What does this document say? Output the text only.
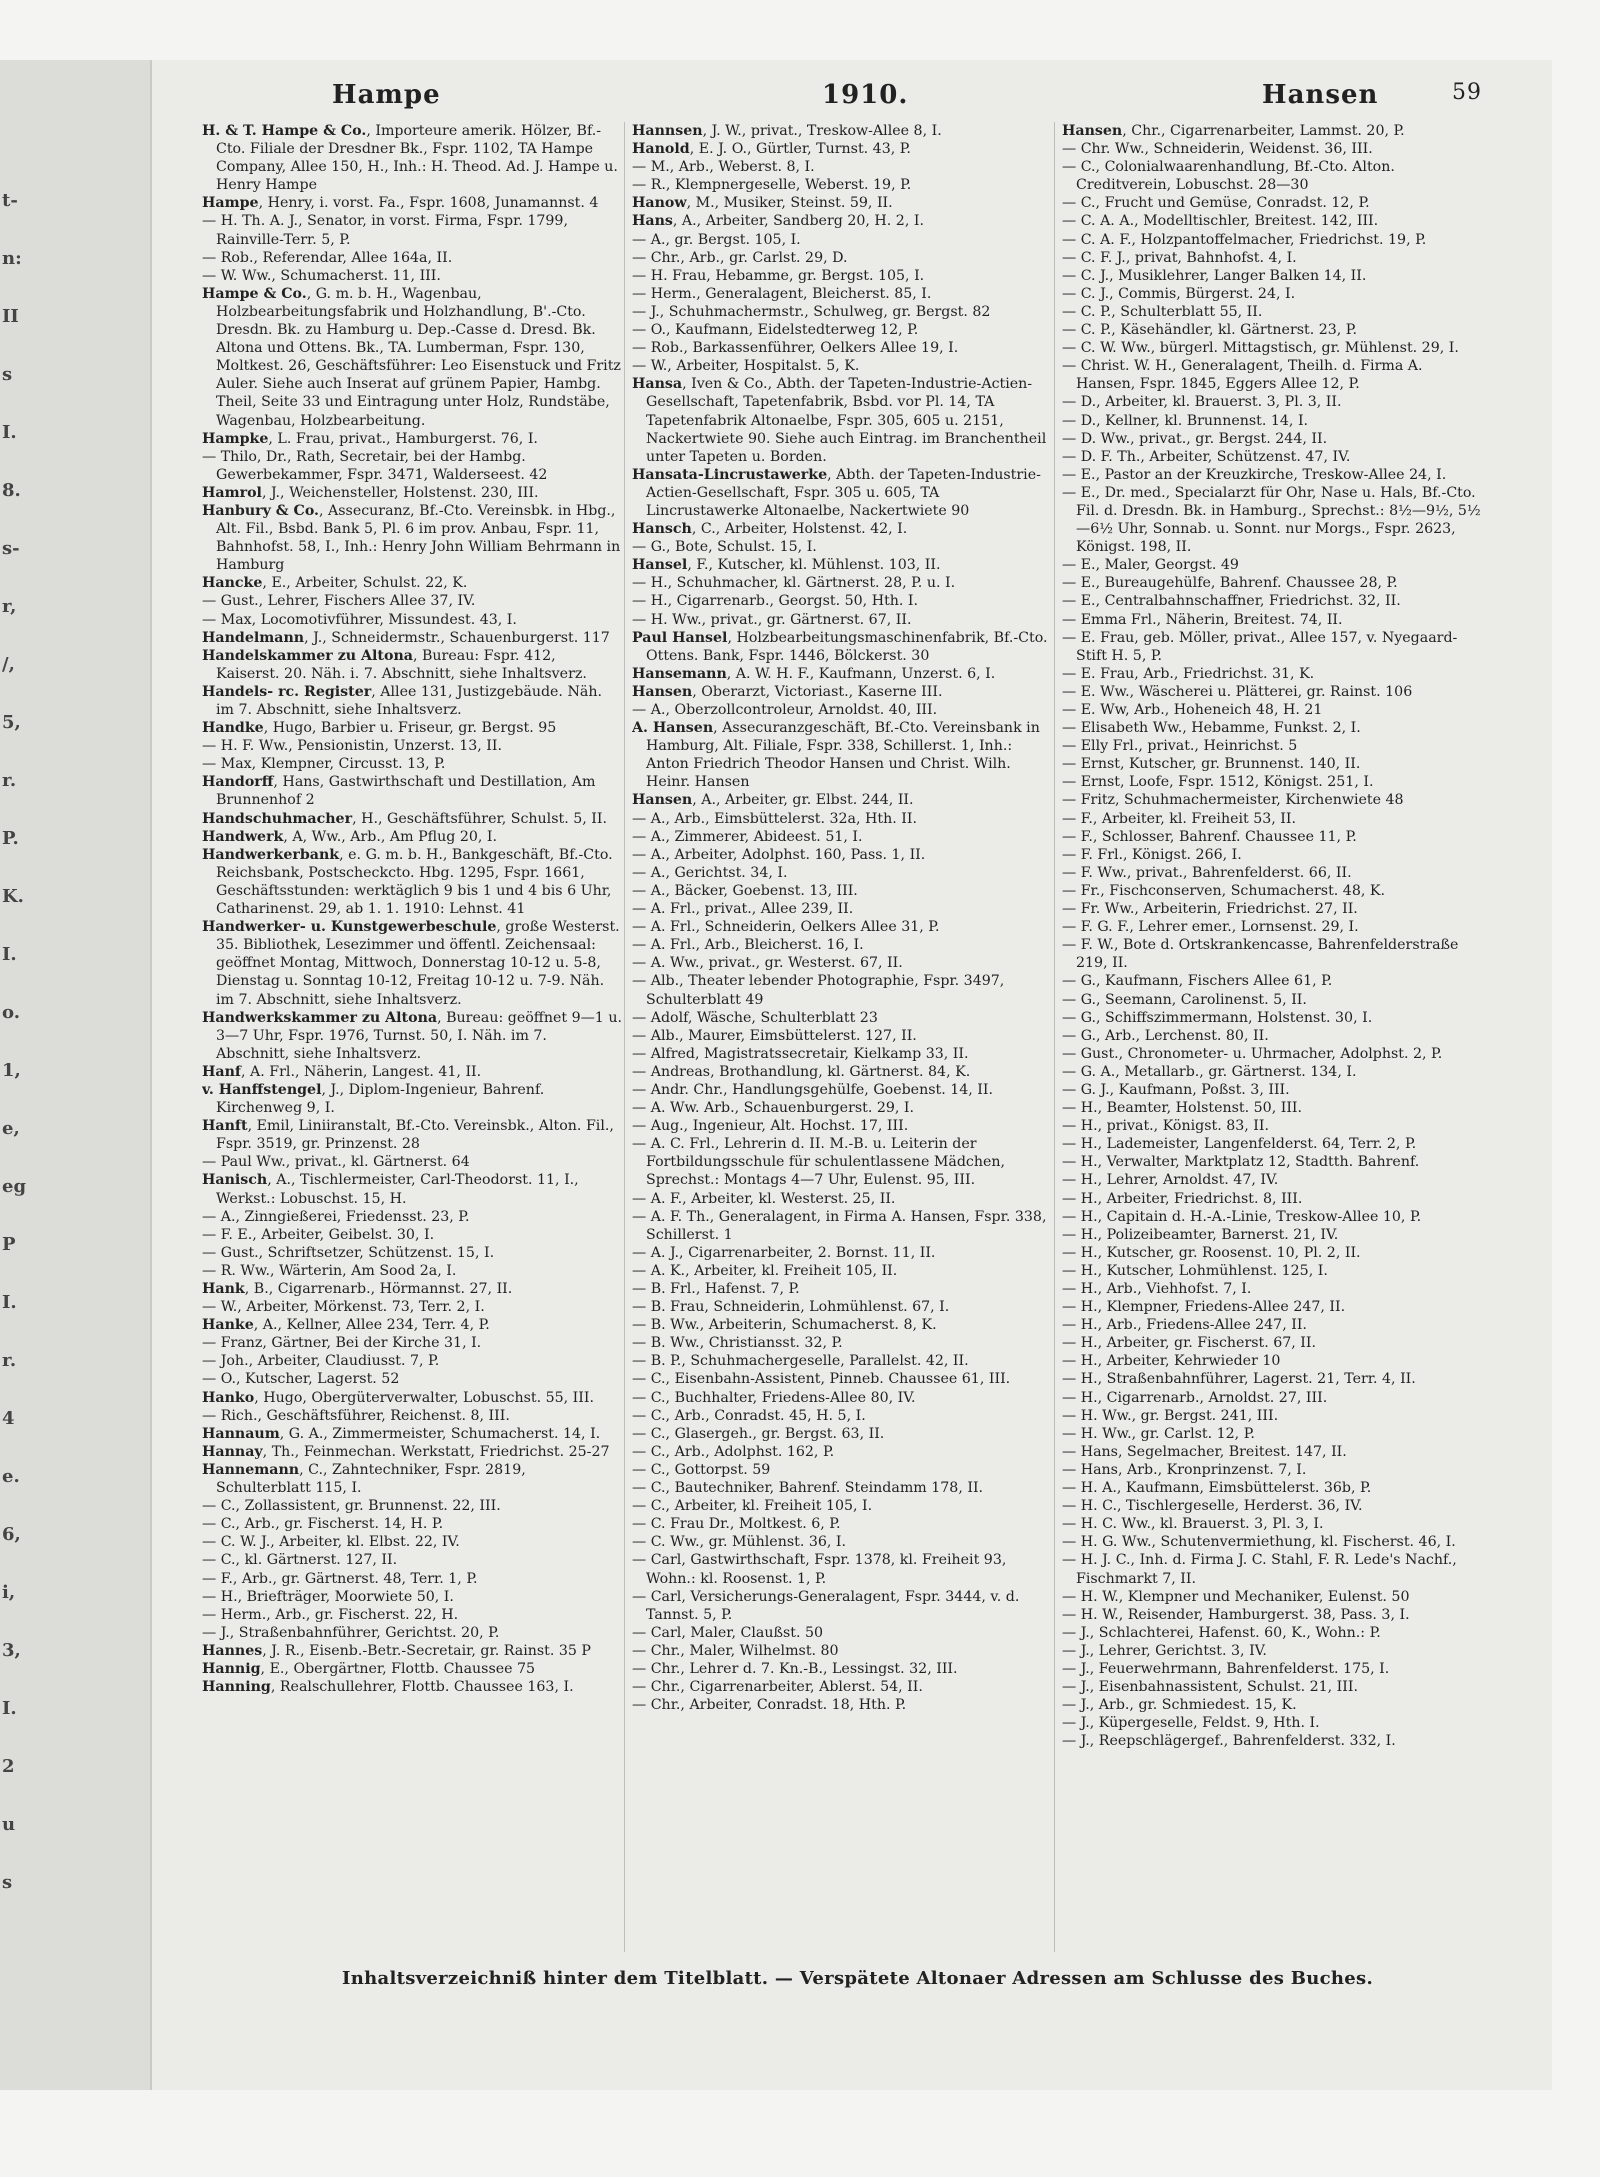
t-
n:
II
s
I.
8.
s-
r,
/,
5,
r.
P.
K.
I.
o.
1,
e,
eg
P
I.
r.
4
e.
6,
i,
3,
I.
2
u
s
Hampe	1910.	Hansen	59

H. & T. Hampe & Co., Importeure amerik. Hölzer, Bf.-Cto. Filiale der Dresdner Bk., Fspr. 1102, TA Hampe Company, Allee 150, H., Inh.: H. Theod. Ad. J. Hampe u. Henry Hampe

Hampe, Henry, i. vorst. Fa., Fspr. 1608, Junamannst. 4

— H. Th. A. J., Senator, in vorst. Firma, Fspr. 1799, Rainville-Terr. 5, P.

— Rob., Referendar, Allee 164a, II.

— W. Ww., Schumacherst. 11, III.

Hampe & Co., G. m. b. H., Wagenbau, Holzbearbeitungsfabrik und Holzhandlung, B'.-Cto. Dresdn. Bk. zu Hamburg u. Dep.-Casse d. Dresd. Bk. Altona und Ottens. Bk., TA. Lumberman, Fspr. 130, Moltkest. 26, Geschäftsführer: Leo Eisenstuck und Fritz Auler. Siehe auch Inserat auf grünem Papier, Hambg. Theil, Seite 33 und Eintragung unter Holz, Rundstäbe, Wagenbau, Holzbearbeitung.

Hampke, L. Frau, privat., Hamburgerst. 76, I.

— Thilo, Dr., Rath, Secretair, bei der Hambg. Gewerbekammer, Fspr. 3471, Walderseest. 42

Hamrol, J., Weichensteller, Holstenst. 230, III.

Hanbury & Co., Assecuranz, Bf.-Cto. Vereinsbk. in Hbg., Alt. Fil., Bsbd. Bank 5, Pl. 6 im prov. Anbau, Fspr. 11, Bahnhofst. 58, I., Inh.: Henry John William Behrmann in Hamburg

Hancke, E., Arbeiter, Schulst. 22, K.

— Gust., Lehrer, Fischers Allee 37, IV.

— Max, Locomotivführer, Missundest. 43, I.

Handelmann, J., Schneidermstr., Schauenburgerst. 117

Handelskammer zu Altona, Bureau: Fspr. 412, Kaiserst. 20. Näh. i. 7. Abschnitt, siehe Inhaltsverz.

Handels- rc. Register, Allee 131, Justizgebäude. Näh. im 7. Abschnitt, siehe Inhaltsverz.

Handke, Hugo, Barbier u. Friseur, gr. Bergst. 95

— H. F. Ww., Pensionistin, Unzerst. 13, II.

— Max, Klempner, Circusst. 13, P.

Handorff, Hans, Gastwirthschaft und Destillation, Am Brunnenhof 2

Handschuhmacher, H., Geschäftsführer, Schulst. 5, II.

Handwerk, A, Ww., Arb., Am Pflug 20, I.

Handwerkerbank, e. G. m. b. H., Bankgeschäft, Bf.-Cto. Reichsbank, Postscheckcto. Hbg. 1295, Fspr. 1661, Geschäftsstunden: werktäglich 9 bis 1 und 4 bis 6 Uhr, Catharinenst. 29, ab 1. 1. 1910: Lehnst. 41

Handwerker- u. Kunstgewerbeschule, große Westerst. 35. Bibliothek, Lesezimmer und öffentl. Zeichensaal: geöffnet Montag, Mittwoch, Donnerstag 10-12 u. 5-8, Dienstag u. Sonntag 10-12, Freitag 10-12 u. 7-9. Näh. im 7. Abschnitt, siehe Inhaltsverz.

Handwerkskammer zu Altona, Bureau: geöffnet 9—1 u. 3—7 Uhr, Fspr. 1976, Turnst. 50, I. Näh. im 7. Abschnitt, siehe Inhaltsverz.

Hanf, A. Frl., Näherin, Langest. 41, II.

v. Hanffstengel, J., Diplom-Ingenieur, Bahrenf. Kirchenweg 9, I.

Hanft, Emil, Liniiranstalt, Bf.-Cto. Vereinsbk., Alton. Fil., Fspr. 3519, gr. Prinzenst. 28

— Paul Ww., privat., kl. Gärtnerst. 64

Hanisch, A., Tischlermeister, Carl-Theodorst. 11, I., Werkst.: Lobuschst. 15, H.

— A., Zinngießerei, Friedensst. 23, P.

— F. E., Arbeiter, Geibelst. 30, I.

— Gust., Schriftsetzer, Schützenst. 15, I.

— R. Ww., Wärterin, Am Sood 2a, I.

Hank, B., Cigarrenarb., Hörmannst. 27, II.

— W., Arbeiter, Mörkenst. 73, Terr. 2, I.

Hanke, A., Kellner, Allee 234, Terr. 4, P.

— Franz, Gärtner, Bei der Kirche 31, I.

— Joh., Arbeiter, Claudiusst. 7, P.

— O., Kutscher, Lagerst. 52

Hanko, Hugo, Obergüterverwalter, Lobuschst. 55, III.

— Rich., Geschäftsführer, Reichenst. 8, III.

Hannaum, G. A., Zimmermeister, Schumacherst. 14, I.

Hannay, Th., Feinmechan. Werkstatt, Friedrichst. 25-27

Hannemann, C., Zahntechniker, Fspr. 2819, Schulterblatt 115, I.

— C., Zollassistent, gr. Brunnenst. 22, III.

— C., Arb., gr. Fischerst. 14, H. P.

— C. W. J., Arbeiter, kl. Elbst. 22, IV.

— C., kl. Gärtnerst. 127, II.

— F., Arb., gr. Gärtnerst. 48, Terr. 1, P.

— H., Briefträger, Moorwiete 50, I.

— Herm., Arb., gr. Fischerst. 22, H.

— J., Straßenbahnführer, Gerichtst. 20, P.

Hannes, J. R., Eisenb.-Betr.-Secretair, gr. Rainst. 35 P

Hannig, E., Obergärtner, Flottb. Chaussee 75

Hanning, Realschullehrer, Flottb. Chaussee 163, I.

Hannsen, J. W., privat., Treskow-Allee 8, I.

Hanold, E. J. O., Gürtler, Turnst. 43, P.

— M., Arb., Weberst. 8, I.

— R., Klempnergeselle, Weberst. 19, P.

Hanow, M., Musiker, Steinst. 59, II.

Hans, A., Arbeiter, Sandberg 20, H. 2, I.

— A., gr. Bergst. 105, I.

— Chr., Arb., gr. Carlst. 29, D.

— H. Frau, Hebamme, gr. Bergst. 105, I.

— Herm., Generalagent, Bleicherst. 85, I.

— J., Schuhmachermstr., Schulweg, gr. Bergst. 82

— O., Kaufmann, Eidelstedterweg 12, P.

— Rob., Barkassenführer, Oelkers Allee 19, I.

— W., Arbeiter, Hospitalst. 5, K.

Hansa, Iven & Co., Abth. der Tapeten-Industrie-Actien-Gesellschaft, Tapetenfabrik, Bsbd. vor Pl. 14, TA Tapetenfabrik Altonaelbe, Fspr. 305, 605 u. 2151, Nackertwiete 90. Siehe auch Eintrag. im Branchentheil unter Tapeten u. Borden.

Hansata-Lincrustawerke, Abth. der Tapeten-Industrie-Actien-Gesellschaft, Fspr. 305 u. 605, TA Lincrustawerke Altonaelbe, Nackertwiete 90

Hansch, C., Arbeiter, Holstenst. 42, I.

— G., Bote, Schulst. 15, I.

Hansel, F., Kutscher, kl. Mühlenst. 103, II.

— H., Schuhmacher, kl. Gärtnerst. 28, P. u. I.

— H., Cigarrenarb., Georgst. 50, Hth. I.

— H. Ww., privat., gr. Gärtnerst. 67, II.

Paul Hansel, Holzbearbeitungsmaschinenfabrik, Bf.-Cto. Ottens. Bank, Fspr. 1446, Bölckerst. 30

Hansemann, A. W. H. F., Kaufmann, Unzerst. 6, I.

Hansen, Oberarzt, Victoriast., Kaserne III.

— A., Oberzollcontroleur, Arnoldst. 40, III.

A. Hansen, Assecuranzgeschäft, Bf.-Cto. Vereinsbank in Hamburg, Alt. Filiale, Fspr. 338, Schillerst. 1, Inh.: Anton Friedrich Theodor Hansen und Christ. Wilh. Heinr. Hansen

Hansen, A., Arbeiter, gr. Elbst. 244, II.

— A., Arb., Eimsbüttelerst. 32a, Hth. II.

— A., Zimmerer, Abideest. 51, I.

— A., Arbeiter, Adolphst. 160, Pass. 1, II.

— A., Gerichtst. 34, I.

— A., Bäcker, Goebenst. 13, III.

— A. Frl., privat., Allee 239, II.

— A. Frl., Schneiderin, Oelkers Allee 31, P.

— A. Frl., Arb., Bleicherst. 16, I.

— A. Ww., privat., gr. Westerst. 67, II.

— Alb., Theater lebender Photographie, Fspr. 3497, Schulterblatt 49

— Adolf, Wäsche, Schulterblatt 23

— Alb., Maurer, Eimsbüttelerst. 127, II.

— Alfred, Magistratssecretair, Kielkamp 33, II.

— Andreas, Brothandlung, kl. Gärtnerst. 84, K.

— Andr. Chr., Handlungsgehülfe, Goebenst. 14, II.

— A. Ww. Arb., Schauenburgerst. 29, I.

— Aug., Ingenieur, Alt. Hochst. 17, III.

— A. C. Frl., Lehrerin d. II. M.-B. u. Leiterin der Fortbildungsschule für schulentlassene Mädchen, Sprechst.: Montags 4—7 Uhr, Eulenst. 95, III.

— A. F., Arbeiter, kl. Westerst. 25, II.

— A. F. Th., Generalagent, in Firma A. Hansen, Fspr. 338, Schillerst. 1

— A. J., Cigarrenarbeiter, 2. Bornst. 11, II.

— A. K., Arbeiter, kl. Freiheit 105, II.

— B. Frl., Hafenst. 7, P.

— B. Frau, Schneiderin, Lohmühlenst. 67, I.

— B. Ww., Arbeiterin, Schumacherst. 8, K.

— B. Ww., Christiansst. 32, P.

— B. P., Schuhmachergeselle, Parallelst. 42, II.

— C., Eisenbahn-Assistent, Pinneb. Chaussee 61, III.

— C., Buchhalter, Friedens-Allee 80, IV.

— C., Arb., Conradst. 45, H. 5, I.

— C., Glasergeh., gr. Bergst. 63, II.

— C., Arb., Adolphst. 162, P.

— C., Gottorpst. 59

— C., Bautechniker, Bahrenf. Steindamm 178, II.

— C., Arbeiter, kl. Freiheit 105, I.

— C. Frau Dr., Moltkest. 6, P.

— C. Ww., gr. Mühlenst. 36, I.

— Carl, Gastwirthschaft, Fspr. 1378, kl. Freiheit 93, Wohn.: kl. Roosenst. 1, P.

— Carl, Versicherungs-Generalagent, Fspr. 3444, v. d. Tannst. 5, P.

— Carl, Maler, Claußst. 50

— Chr., Maler, Wilhelmst. 80

— Chr., Lehrer d. 7. Kn.-B., Lessingst. 32, III.

— Chr., Cigarrenarbeiter, Ablerst. 54, II.

— Chr., Arbeiter, Conradst. 18, Hth. P.

Hansen, Chr., Cigarrenarbeiter, Lammst. 20, P.

— Chr. Ww., Schneiderin, Weidenst. 36, III.

— C., Colonialwaarenhandlung, Bf.-Cto. Alton. Creditverein, Lobuschst. 28—30

— C., Frucht und Gemüse, Conradst. 12, P.

— C. A. A., Modelltischler, Breitest. 142, III.

— C. A. F., Holzpantoffelmacher, Friedrichst. 19, P.

— C. F. J., privat, Bahnhofst. 4, I.

— C. J., Musiklehrer, Langer Balken 14, II.

— C. J., Commis, Bürgerst. 24, I.

— C. P., Schulterblatt 55, II.

— C. P., Käsehändler, kl. Gärtnerst. 23, P.

— C. W. Ww., bürgerl. Mittagstisch, gr. Mühlenst. 29, I.

— Christ. W. H., Generalagent, Theilh. d. Firma A. Hansen, Fspr. 1845, Eggers Allee 12, P.

— D., Arbeiter, kl. Brauerst. 3, Pl. 3, II.

— D., Kellner, kl. Brunnenst. 14, I.

— D. Ww., privat., gr. Bergst. 244, II.

— D. F. Th., Arbeiter, Schützenst. 47, IV.

— E., Pastor an der Kreuzkirche, Treskow-Allee 24, I.

— E., Dr. med., Specialarzt für Ohr, Nase u. Hals, Bf.-Cto. Fil. d. Dresdn. Bk. in Hamburg., Sprechst.: 8½—9½, 5½—6½ Uhr, Sonnab. u. Sonnt. nur Morgs., Fspr. 2623, Königst. 198, II.

— E., Maler, Georgst. 49

— E., Bureaugehülfe, Bahrenf. Chaussee 28, P.

— E., Centralbahnschaffner, Friedrichst. 32, II.

— Emma Frl., Näherin, Breitest. 74, II.

— E. Frau, geb. Möller, privat., Allee 157, v. Nyegaard-Stift H. 5, P.

— E. Frau, Arb., Friedrichst. 31, K.

— E. Ww., Wäscherei u. Plätterei, gr. Rainst. 106

— E. Ww, Arb., Hoheneich 48, H. 21

— Elisabeth Ww., Hebamme, Funkst. 2, I.

— Elly Frl., privat., Heinrichst. 5

— Ernst, Kutscher, gr. Brunnenst. 140, II.

— Ernst, Loofe, Fspr. 1512, Königst. 251, I.

— Fritz, Schuhmachermeister, Kirchenwiete 48

— F., Arbeiter, kl. Freiheit 53, II.

— F., Schlosser, Bahrenf. Chaussee 11, P.

— F. Frl., Königst. 266, I.

— F. Ww., privat., Bahrenfelderst. 66, II.

— Fr., Fischconserven, Schumacherst. 48, K.

— Fr. Ww., Arbeiterin, Friedrichst. 27, II.

— F. G. F., Lehrer emer., Lornsenst. 29, I.

— F. W., Bote d. Ortskrankencasse, Bahrenfelderstraße 219, II.

— G., Kaufmann, Fischers Allee 61, P.

— G., Seemann, Carolinenst. 5, II.

— G., Schiffszimmermann, Holstenst. 30, I.

— G., Arb., Lerchenst. 80, II.

— Gust., Chronometer- u. Uhrmacher, Adolphst. 2, P.

— G. A., Metallarb., gr. Gärtnerst. 134, I.

— G. J., Kaufmann, Poßst. 3, III.

— H., Beamter, Holstenst. 50, III.

— H., privat., Königst. 83, II.

— H., Lademeister, Langenfelderst. 64, Terr. 2, P.

— H., Verwalter, Marktplatz 12, Stadtth. Bahrenf.

— H., Lehrer, Arnoldst. 47, IV.

— H., Arbeiter, Friedrichst. 8, III.

— H., Capitain d. H.-A.-Linie, Treskow-Allee 10, P.

— H., Polizeibeamter, Barnerst. 21, IV.

— H., Kutscher, gr. Roosenst. 10, Pl. 2, II.

— H., Kutscher, Lohmühlenst. 125, I.

— H., Arb., Viehhofst. 7, I.

— H., Klempner, Friedens-Allee 247, II.

— H., Arb., Friedens-Allee 247, II.

— H., Arbeiter, gr. Fischerst. 67, II.

— H., Arbeiter, Kehrwieder 10

— H., Straßenbahnführer, Lagerst. 21, Terr. 4, II.

— H., Cigarrenarb., Arnoldst. 27, III.

— H. Ww., gr. Bergst. 241, III.

— H. Ww., gr. Carlst. 12, P.

— Hans, Segelmacher, Breitest. 147, II.

— Hans, Arb., Kronprinzenst. 7, I.

— H. A., Kaufmann, Eimsbüttelerst. 36b, P.

— H. C., Tischlergeselle, Herderst. 36, IV.

— H. C. Ww., kl. Brauerst. 3, Pl. 3, I.

— H. G. Ww., Schutenvermiethung, kl. Fischerst. 46, I.

— H. J. C., Inh. d. Firma J. C. Stahl, F. R. Lede's Nachf., Fischmarkt 7, II.

— H. W., Klempner und Mechaniker, Eulenst. 50

— H. W., Reisender, Hamburgerst. 38, Pass. 3, I.

— J., Schlachterei, Hafenst. 60, K., Wohn.: P.

— J., Lehrer, Gerichtst. 3, IV.

— J., Feuerwehrmann, Bahrenfelderst. 175, I.

— J., Eisenbahnassistent, Schulst. 21, III.

— J., Arb., gr. Schmiedest. 15, K.

— J., Küpergeselle, Feldst. 9, Hth. I.

— J., Reepschlägergef., Bahrenfelderst. 332, I.

Inhaltsverzeichniß hinter dem Titelblatt. — Verspätete Altonaer Adressen am Schlusse des Buches.
